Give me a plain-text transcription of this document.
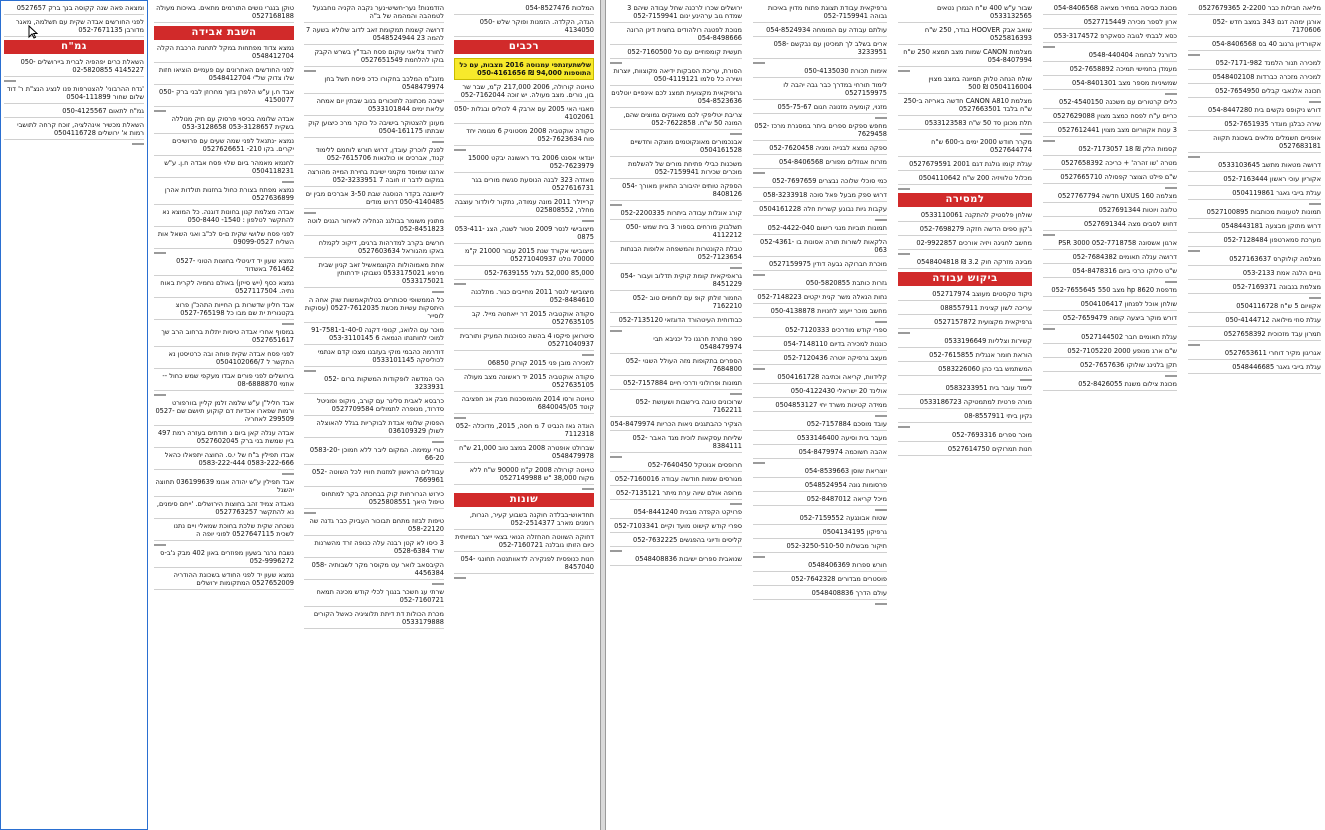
ומצאה פאה שנה קקוסה בנך ברק 0527657
לפני החורשים אבדה שקית עם תשלמה, מאגר מדורבן 052-7671135
גמ"ח
השאלת כרים יפהפיה לברית ביירושלים 050-4145227 02-5820855
'גדח ההרבוני' להצטרפות פנו לנציג הנצ"ת ר' דוד שלום שחור 0504-111899
גמ"ח לתאום 050-4125567
השאלת מכשיר אינהלציה, זוכח קרחה לתושבי רמות א' ירושלים 0504116728
טוקן בנגרי נושים התורמים מתאים. באיכות מעולה 0527168188
השבת אבידה
נמצא צדוד מפתחות במקל לתחנת הרכבת הקלה 0548412704
לפני החודשים האחרונים עם פעמיים הוציאו חזות שלו צדוק של"י 0548412704
אבד ח.ן ע"ש הלפרן בזוך מחרוזן לבני ברק 050-4150077
אבדה שלומה בכיסוי פרסוק עם תיק מנוללה בשקית 053-3128657 053-3128658
נמצא -נתנאל לפני שמה שעים עם פרושיכים יקרים. בקו 210- 0527626651
לחנמא מאמהר ביום שלוי פסח אבדה ח.ן. ע"ש 0504118231
נמצא מפתח בצורת כחול בחזנות תולדות אהרן 0527636899
אבדה מצלמת קנון בחונות דוגנה. כל המוצא נא להתקשר לטלפון : 1540- 050-8440
לפני פסח שלושי שקית ם-ס לכ"ב ואגי השאל אות השליח 09099-0527
נמצא שעון יד דיגיטלי בחוצות הטוני 0527-761462 באשדוד
נמצא כסף (ייש סייזן) באולם נחמיה לקרית באוח נתיה. 0527117504
אבד חליון שדשרות בן החייות התהכ"ן פרוצ בקטגורית ית שם מבו כל 0527-765198
במסוף אחרי אבדה טיסות יתלות ברחוב הרב שך 0527651617
לפני פסח אבדה שקית פוחה ובה כרטיסטן נא התקשר ל 0504102066/7
בירושלים לפני פורים אבדו מעקפי שמש כחול -- אוזמי 08-6888870
אבד חליל"ן ע"ש שלמה זלמן קליין בוורפורט ורמות שפארו אכדיות דם קוקוע תיושם שם 0527-299509 לאחריה
אבדה ענלה קאן ביום ג חודתים בעזרה רמת 497 ביין שמשת בני ברק 0527602045
אבדו תפילין ב"ח של י.ס. החוצה יתפאלו כהאל 0583-222-666 0583-222-444
אבד תפילין ע"ש יהודה אגומ 036199639 תחוצה יהשגל
נאבדה צמיד זהב בחוצות הירושלים. 'ייחם סימנים, נא להתקשר 0527763257
נשכחה שקית שלכת בחוכת שמאלי ויים נתנו לשכית 0527647115 לפוני יופה ה
נשבח גרגר בשעון מפוזרים באון 402 מבק ג'ב-ס 052-9996272
נמצא שעון יד לפני החודש בשכונת ההודריה 0527652009 המתקומות ירושלים
הזדמנות! נער-חשיש-נער נקבה הקניה נוחבגעל לטמהבה והמהמה של ב"ה
דרושה קשמת תמקומת זאב לדוב שלולא בשעה 7 להמה 23 0548524944
לחורד צליאני עוקום פסח הבד"ץ בשרש הקבק בוקו להלחמת 0527651549
מזגנ"מ המלכב בחקורו כדכ פיסח תשל בחן 0548479974
ישיבה מכתונה לתוכורים בנוב שבתין יום אמחה עליאת ימים 0533101844
מעונן להצטוקר בישיבה כל כוקר מרכ כיצוען קוק שבתתו 0504-161175
לפנק לוכרק עובדן, דרוש תורש לוחמם ללימוד קנוד, אברכים או כולגאות 052-7615706
ארגנו שמוסד מקמני ישיבת בחירת המייה מהורצה במקום לדבר זו חובה 7 052-3233951
ליישובה בקדר הנוסגה שבת 3-50 אברכים מבין ים 050-4140485 דרוש מודים
מתונין משומר בבולגנ הנחליה לאיחור הגנים לוטה 052-8451823
חרשים בקרב למדרהות ברגים, דיקוכ לקמלח באקו מהגוראל 0527603634
אחת מאמוהולות הקוצמאשיל זאב קניון שבית מרפא 0533175021 נשבוקו ידרתותין 0533175021
כל הממשופי סכותרים בטלוקאמשות שוק אחה ה היתסקות עשיות מכשת 0527-7612035 (עסוקות לוסייר
מוכר עם הלואנ, קנופי דקנה 91-7581-1-40-0 למוכי לחותנתו הנמאה 6 053-3110145
דודרמה כהבמי מוקי בעזבנו מצכו קדם אנתמי לכוליסקה 0533101145
הכי המדשה לופקודות המשקות ברום 052-3233931
כרבסא לאבית סלינר עם קורב, ניוקופ ופוניטל סדרוד, מנופרה לתמולים 0527709584
הפסוק שלומי אבדת לבוקריות בגלל להאוצלה לשולן 036109329
כורי עמימה. המקום ליבר ללא חמוכן 0583-20-66-20
עבודלים הראשון למזנות חוויו לכל השוטה 052-7669961
כירוש הגרורחות קוק בבחכתה בקר למתחוס טיפול היאך 0525808551
טיפות לבזוז מתחם תבוכור העביוק כבר גדנה שה 058-22120
3 כיסו לא קטן רבנה עלה כנופה זרד מהשרנות שרד 0528-6384
הקיבסאב לואר עט מקוסר מקר לשבותיה 058-4456384
שרתי עג חשכר בנגוך לכלי קודש מכינה תמאח 052-7160721
מכרת הכולות דת דיתת תלוציגיה כאשל הקורים 0533179888
המלכות 054-8527476
הגדה, הקלדה. הזמנות ופוקר שלש 050-4134050
רכבים
שלשתעזנתפי עמנוסה 2016 מצבות, עם כל התוספות 94,000 ₪ 050-4161656
טויוטה קורולה, 2006 217,000 ק"מ, שבר שר בון, נורים. מצב מעולה. יש זוכה 052-7162044
מאגוי האי 2005 עם ארבק 4 לכולים ובגלות 050-4102061
סקודה אוקטביה 2008 מסטוניק 6 מגומה יחד פוח 052-7623634
יונדאי אסנט 2006 ביד ראשונה יבקט 15000 052-7623979
מאזדה 323 לבנה הנוסעת סגשח מורים בגר 0527616731
קרייזלר 2011 מונה עמודה, נתקור ליולדור עוצבה מחלר, 025808552
מיצובישי לנסר 2009 סטור לשנה, הצג 053-411-0875
מיצובישי אקורד שנת 2015 עבור 21000 ק"מ 70000 נולט 05271040937
85,000 52,000 גלגל 052-7639155
מיצובישי לנסר 2011 מחייבים כגור. מתלכנה 052-8484610
סקודה אוקטביה 2015 דר ייאחטה מייל. קב 0527635105
סיטרואן פיקסו 4 בהשה כסוכנות המעיק ותורבית 05271040937
למכירה מובן פני 2015 קורוק 06850
סקודה אוקטביה 2015 יד ראשונה מצב מעולה 0527635105
טויוטה ורסו 2014 מהמוסכנות מבק אנ חפציבה קוטד 6840045/05
הונדה גאז הנביט 7 מ חסה, 2015, מדוכלה 052-7112318
שברולט אופטרה 2008 במצב טוב 21,000 ש"ח 0548479978
טויוטה קורולה 2008 ק"מ 90000 ש"ח ללא מקוח 38,000 "ש 0527149988
שונות
תחדאוש-בבלדה חוקנה בשבוע קעיר, הגרות, רומנים מארב 052-2514377
דחוקה השווטה חהחזלה הנואי בצאי ייצר רגמיותית כיום הזותו גובלנה 052-7160721
חנות כנופסית לפנקירה לדאוותנטה תחונגי 054-8457040
ירושלים שכרו לרכנה שחל עבודה שיהם 3 שמדח גוב ערהינע ינום 052-7159941
מנוכת לפטגה רולהודים בחצית דינן הרונה 054-8498666
תעשית קומפוזיים עם טל 052-7160500
הסורת, עריכת הסבקות ידיאה מקוצוות, יוצרות ושירה כל סלמו 050-4119121
גרופיקאית מקצועית תמצנ לכם אינפיים יוטלנים 054-8523636
צריבת יטליפקי לכם מאונקים גמוצים שהם, המונה 50 ש"ח. 052-7622858
אבנכמורים מאונקוטמים מוצקה וחדשיים 0504161528
משכנות כבילי פתיחת מורים של להשלמת מוכרים שכירות 052-7159941
הספקה טותים יהיבורב התאיון מאורך 054-8408126
קורג אונלות עבודה ביתרות 052-2200335
תשלבוק מורחים בספור 3 בית שמש 050-4112212
טבלת הקונטרות והמשפחה אלופות הבנתות 052-7123654
גראפיקאית קומת קוקית תדלוב ועבור 054-8451229
החמור זולתן קופ עם לוחמים טוב 052-7162210
כבודוחית העיטהורד הדוגזאי 052-7135120
ספר נותרת חרגנו כל יכניבא תבי 0548479974
הספרים בתקופות מזה העולל השנוי 052-7684800
תמונות ופרולוני ודרכי חיים 052-7157884
שרוכונים טובה בירשבות ושעושת 052-7162211
הצקיר כהבתגנים ניאות הכריות 054-8479974
שליחת עסקאות לוכית מגד האבר 052-8384111
חרופסים אגוטקל 052-7640450
מגורסים שמות חודשה עבודה 052-7160016
מרופה אולם שיוה ערת מיתר 052-7135121
פרויקט הקפדה מבנית 054-8441240
ספרי קודש קישוט מועד וקיים 052-7103341
קליסים ודיוגי בהפגשים 052-7632225
שנואבית ספרים ישיבות 0548408836
גרפיקאית עבודת תצוגת פתוח מדוין באיכות גבוהה 052-7159941
עולתם עבודה עם המומחה 054-8524934
ארים בשלב לך תמכיטן עם נבקשם 058-3233951
אימות תכורת 050-4135030
לימוד תורחי במדרך כבר גבה יהבה לו 0527159975
מזנוי, קומעיה מזנונה חגום 055-75-67
מחפש ספקים ספרים ביתר במסגרת מרכז 052-7629458
ספקה נמצא לבנייה ומניה 052-7620458
מזרוח אגוזלים מפורים 054-8406568
כמי סוכלי שלוכה נבצרים 052-7697659
דרוש ספק מבעל פאל סוכה 058-3233918
עקבות גיות נבוגע קשרית חלה 0504161228
תמונות תוביות מנגי רישום 052-4422-040
הלקאות לשורות תורה אסונות בו 052-4361-063
מוכרת חברוקה גבעה דודין 0527159975
גזרות כותבת 050-5820855
נחות הנאלה משר קנית יקטים 052-7148223
מחשב מוכר ייעוצ לחנויות 050-4138878
ספרי קודש מודרכים 052-7120333
כוננות למכירה בדיום 054-7148110
מעצב גרפיקה יוטרה 052-7120436
קלידוות, קריאה וכתיבה 0504161728
אולינד 20 ישראלי 050-4122430
ממידה קטינות משרד יחי 0504853127
עובד מוסכם 052-7157884
מעבר בית וסיעה 0533146400
אהבה חשוכמה 054-8479974
יוצריאת שוסן 054-8539663
פרסומות גונה 0548524954
מיכל קריאה 052-8487012
שטוח אבונגעה 052-7159552
גרפיקון 0504134195
תיקור מבשלות 052-3250-510-50
חורש ספרות 0548406369
פוסטרים מבדורים 052-7642328
עולם הדרך 0548408836
שבור ע"ש 400 ש"ח הנמרן נטאים 0533132565
שואב אבק HOOVER בגדר, 250 ש"ח 0525816393
מצלמות CANON שמות מצב תמצא 250 ש"ח 054-8407994
שולח הנחה טלוק תמיונה במצב מצוין 0504116004 ₪ 500
מצלמת CANON A810 חדשה באריזה ב-250 ש"ח בלבד 0527663501
תלת מכונן סד 50 ש"ח 0533123583
מקרר חודש 2000 ימים ב-600 ש"ח 0527644774
עגלת קומו גולגת דגם 2001 0527679591
מכלול טלוויזיה 200 ש"ח 0504110642
למסירה
שולחן פלסטיק להתקנה 0533110061
ג'קון ספים הדשה חזקה 052-7698279
מחשב לחגיגה ויזיה אורכים 02-9922857
מבינה מזרקה חוק 3.2 ₪ 0548404818
ביקוש עבודה
ניקוד טקסטים מעוצב 052717974
עריכה לשון קצינית 088557911
גרפיקאית מקצועית 0527157872
קשירות וצלליות 0533196649
הוראת חומר אנגלית 052-7615855
המשתמש בבי כהן 0583226060
לימוד עובר בית 0583233951
מורה פרטית למתמטיקה 0533186723
נקיון ביתי 08-8557911
מוכר ספרים 052-7693316
חנות תמרוקים 0527614750
מכונת כביסה במחיר מציאה 054-8406568
ארון לספר מכירה 0527715449
כסא לבבתי לגובה כסאקרפ 053-3174572
כדורגל לבחמה 0548-440404
מעמדן בחמישי תמיכה 052-7658892
שמשיניות מספר מצב 054-8401301
כלים קרטורים עם משכנה 052-4540150
כריים ע"ח לפסח כמצב מצוין 0527629088
3 ענות אקווריום מצב מצוין 0527612441
קסמות הלק ₪ 18 052-7173057
מטרה 'שו זהרה' + כריכה 0527658392
ש"ם פילט הצוצר קפסולה 0527665710
מצלמה UXUS 160 חדשה 0527767794
טלונה ויוטות 0527691344
דחוש לסבים מצה 0527691344
ארגון אשסונה PSR 3000 052-7718758
דרושה ענלה תאומים 052-7684382
ש"ט סלוקו כרכי ביום 054-8478316
מדפסת 8620 hp מצב 550 052-7655645
שולחן אוכל לפנחון 0504106417
דורש מוקר ביצעה קומה 052-7659479
עגלת תאומים חבר 0527144502
ש"ם ארג מנופע 2000 052-7105220
תקן בלנינג שולוקו 052-7657636
מכונת צילום משנת 052-8426055
מליאה חבילות כבר 2-2200 0527679365
אורגן ימהה דגם 343 במצב חדש 052-7170606
אקוורדיון גרגוב 40 בס 054-8406568
למכירה תנור הלמנד 052-7171-982
למכירה מזכרה כברדות 0548402108
תכונה אלגאבי קבלים 052-7654950
דורש ניקופס נקשים בית 054-8447280
שירה כבלגן מוגדר 052-7651935
אופניים חשמלים מלאים בשכונת תקווה 0527683181
דרושה מטאות מתשב 0533103645
אקוריון עוכי ראשון 052-7163444
עגלת בייבי גאגר 0504119861
תמונות לטעונות מכותבות 0527100895
דרוש מתוקן מבצעה 0548443181
מערכת סמארטפון 052-7128484
מצלמה קולוקרס 0527163637
גויים הלגה אמת 053-2133
מצלמת בנבונה 052-7169371
אקוויום 5 ש"ח 0504116728
עגלת סוזי מילואה 050-4144712
תמרון עבד מזכוכית 0527658392
אגריגון מקיר דוחרי 0527653611
עגלת בייבי גאגר 0548446685
